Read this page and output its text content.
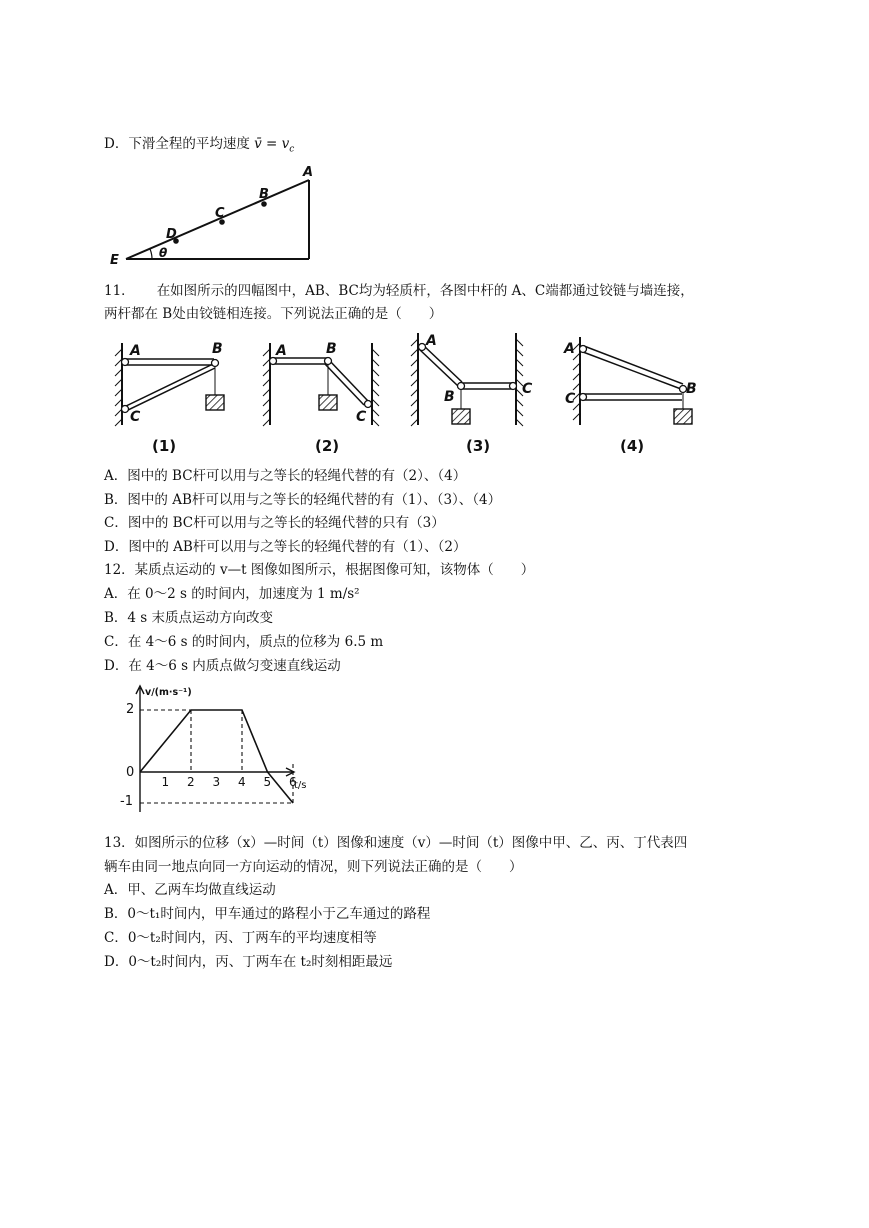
D．下滑全程的平均速度 v̄ = $v_c$
A
B
C
D
E	θ
11． 在如图所示的四幅图中，AB、BC均为轻质杆，各图中杆的 A、C端都通过铰链与墙连接，
两杆都在 B处由铰链相连接。下列说法正确的是（　　）
A	B
C
A	B
C
A
B	C
A
B
C
(1)	(2)	(3)	(4)
A．图中的 BC杆可以用与之等长的轻绳代替的有（2）、（4）
B．图中的 AB杆可以用与之等长的轻绳代替的有（1）、（3）、（4）
C．图中的 BC杆可以用与之等长的轻绳代替的只有（3）
D．图中的 AB杆可以用与之等长的轻绳代替的有（1）、（2）
12．某质点运动的 v—t 图像如图所示，根据图像可知，该物体（　　）
A．在 0～2 s 的时间内，加速度为 1 m/s²
B．4 s 末质点运动方向改变
C．在 4～6 s 的时间内，质点的位移为 6.5 m
D．在 4～6 s 内质点做匀变速直线运动
1 2 3 4 5 6
2
0
-1
v/(m·s⁻¹)
t/s
13．如图所示的位移（x）—时间（t）图像和速度（v）—时间（t）图像中甲、乙、丙、丁代表四
辆车由同一地点向同一方向运动的情况，则下列说法正确的是（　　）
A．甲、乙两车均做直线运动
B．0～t₁时间内，甲车通过的路程小于乙车通过的路程
C．0～t₂时间内，丙、丁两车的平均速度相等
D．0～t₂时间内，丙、丁两车在 t₂时刻相距最远
